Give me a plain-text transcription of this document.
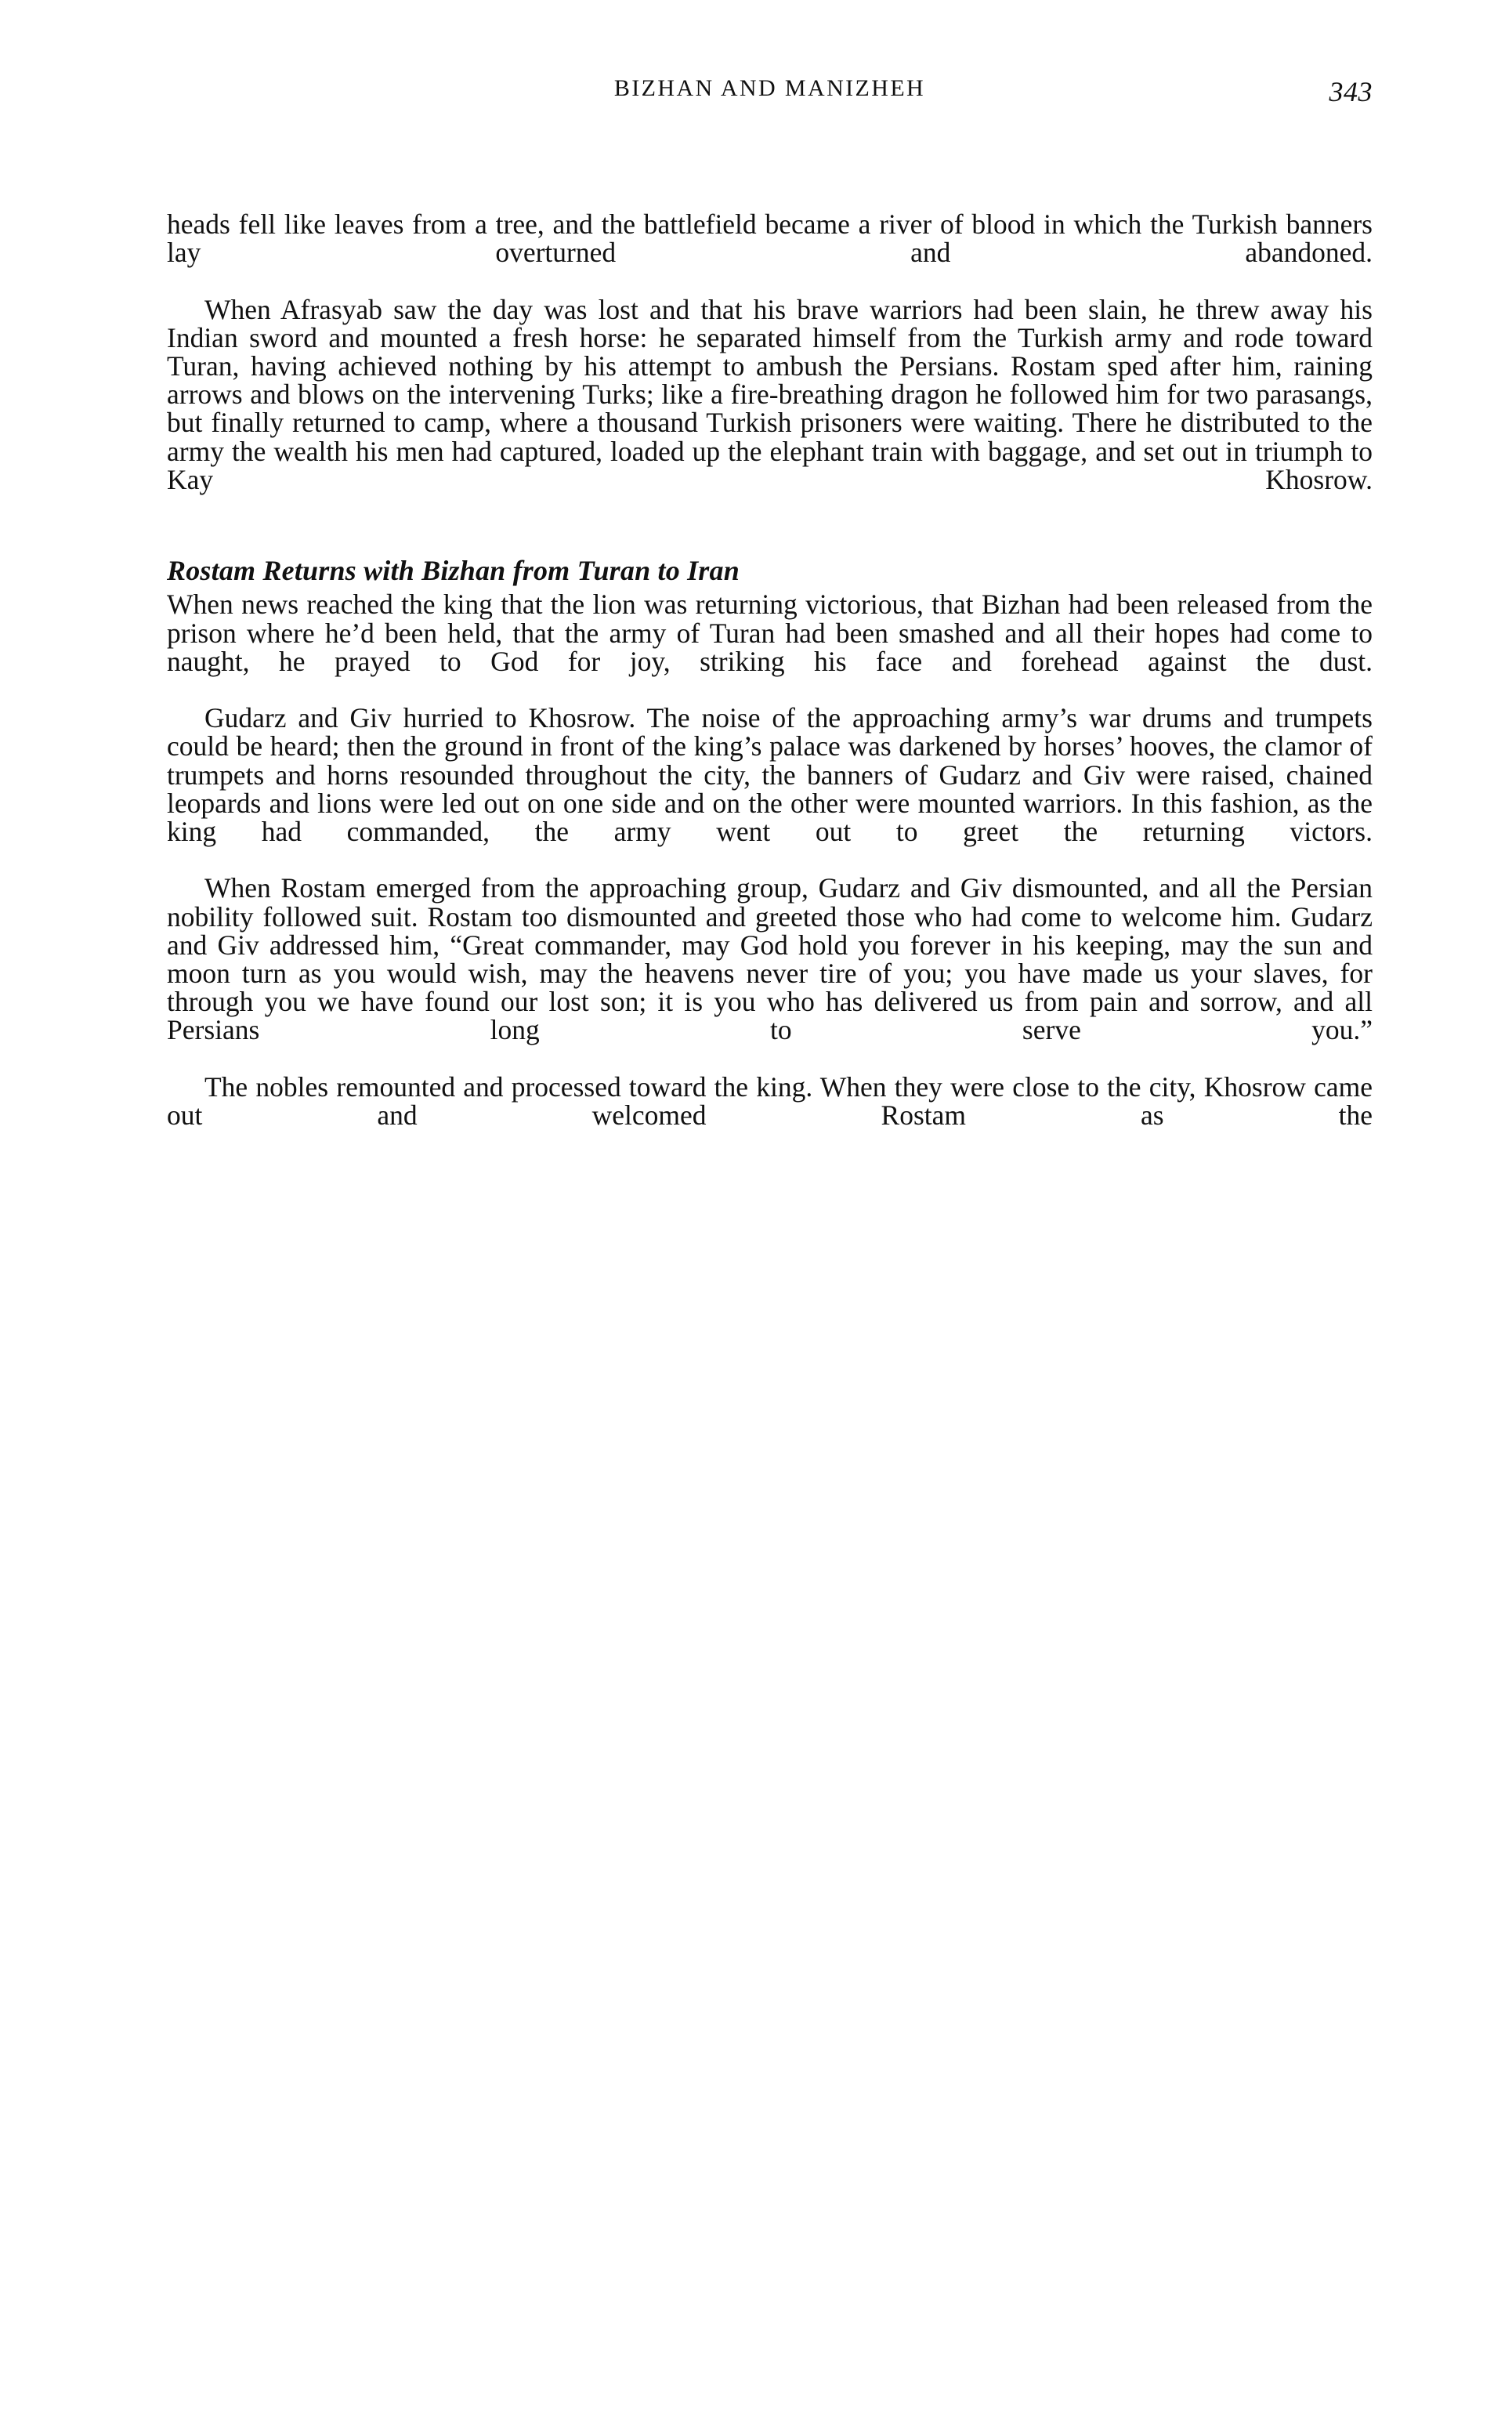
BIZHAN AND MANIZHEH	343

heads fell like leaves from a tree, and the battlefield became a river of blood in which the Turkish banners lay overturned and abandoned.

When Afrasyab saw the day was lost and that his brave warriors had been slain, he threw away his Indian sword and mounted a fresh horse: he separated himself from the Turkish army and rode toward Turan, having achieved nothing by his attempt to ambush the Persians. Rostam sped after him, raining arrows and blows on the intervening Turks; like a fire-breathing dragon he followed him for two parasangs, but finally returned to camp, where a thousand Turkish prisoners were waiting. There he distributed to the army the wealth his men had captured, loaded up the elephant train with baggage, and set out in triumph to Kay Khosrow.

Rostam Returns with Bizhan from Turan to Iran

When news reached the king that the lion was returning victorious, that Bizhan had been released from the prison where he’d been held, that the army of Turan had been smashed and all their hopes had come to naught, he prayed to God for joy, striking his face and forehead against the dust.

Gudarz and Giv hurried to Khosrow. The noise of the approaching army’s war drums and trumpets could be heard; then the ground in front of the king’s palace was darkened by horses’ hooves, the clamor of trumpets and horns resounded throughout the city, the banners of Gudarz and Giv were raised, chained leopards and lions were led out on one side and on the other were mounted warriors. In this fashion, as the king had commanded, the army went out to greet the returning victors.

When Rostam emerged from the approaching group, Gudarz and Giv dismounted, and all the Persian nobility followed suit. Rostam too dismounted and greeted those who had come to welcome him. Gudarz and Giv addressed him, “Great commander, may God hold you forever in his keeping, may the sun and moon turn as you would wish, may the heavens never tire of you; you have made us your slaves, for through you we have found our lost son; it is you who has delivered us from pain and sorrow, and all Persians long to serve you.”

The nobles remounted and processed toward the king. When they were close to the city, Khosrow came out and welcomed Rostam as the
